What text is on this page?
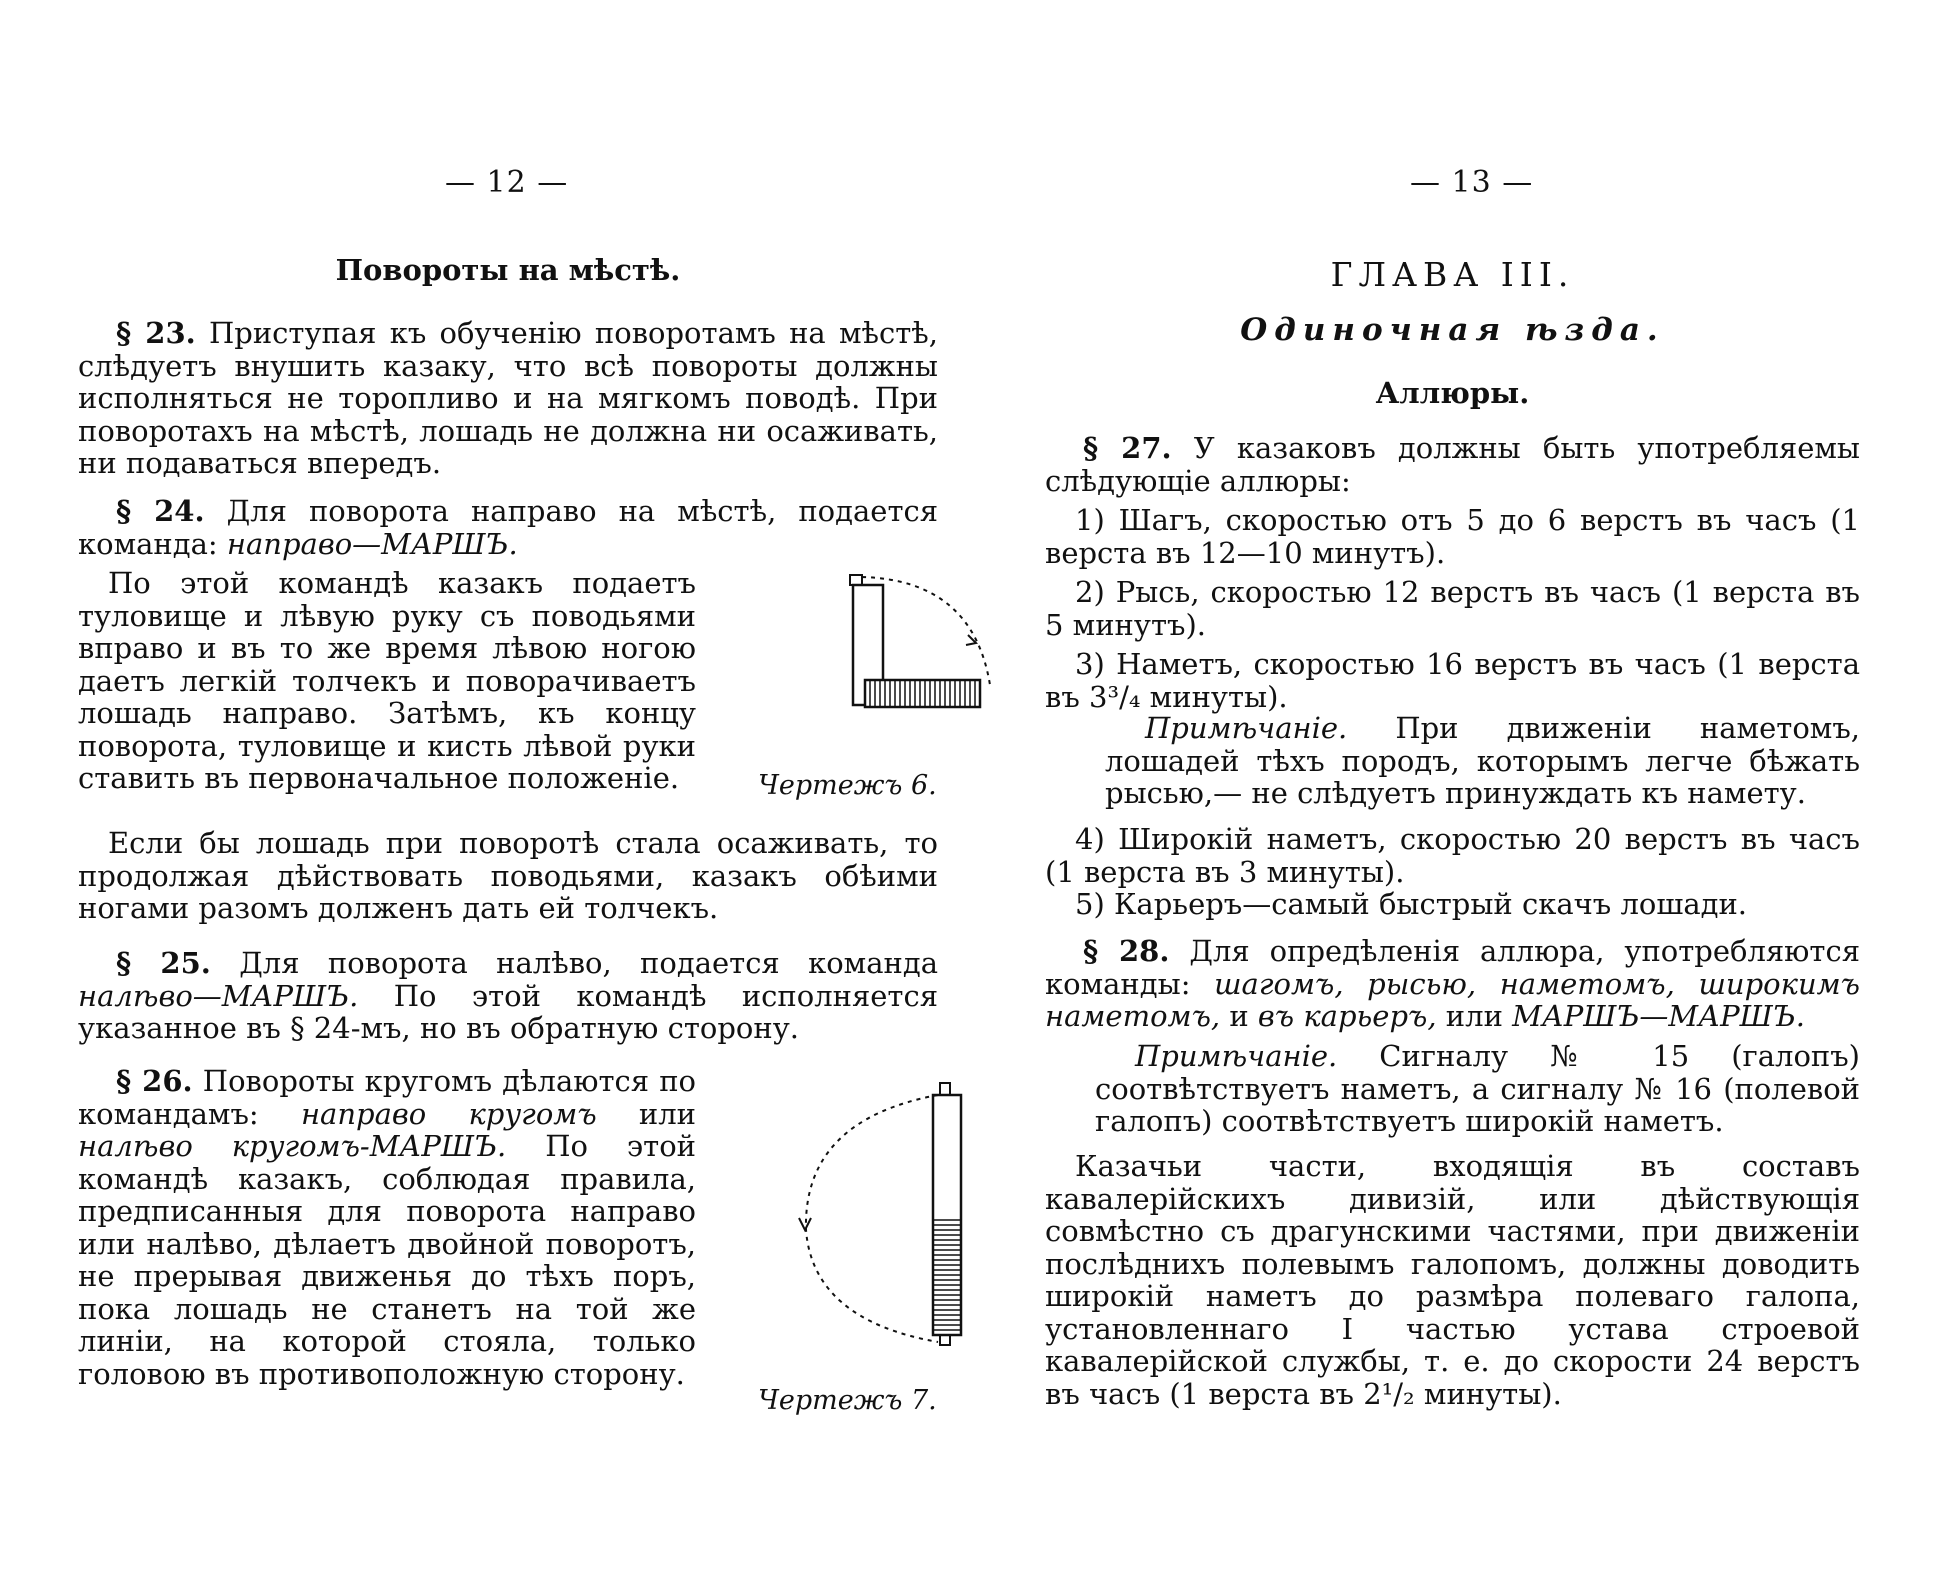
— 12 —
Повороты на мѣстѣ.
§ 23. Приступая къ обученію поворотамъ на мѣстѣ, слѣдуетъ внушить казаку, что всѣ повороты должны исполняться не торопливо и на мягкомъ поводѣ. При поворотахъ на мѣстѣ, лошадь не должна ни осаживать, ни подаваться впередъ.
§ 24. Для поворота направо на мѣстѣ, подается команда: направо—МАРШЪ.
По этой командѣ казакъ подаетъ туловище и лѣвую руку съ поводьями вправо и въ то же время лѣвою ногою даетъ легкій толчекъ и поворачиваетъ лошадь направо. Затѣмъ, къ концу поворота, туловище и кисть лѣвой руки ставить въ первоначальное положеніе.
Если бы лошадь при поворотѣ стала осаживать, то продолжая дѣйствовать поводьями, казакъ обѣими ногами разомъ долженъ дать ей толчекъ.
§ 25. Для поворота налѣво, подается команда налѣво—МАРШЪ. По этой командѣ исполняется указанное въ § 24-мъ, но въ обратную сторону.
§ 26. Повороты кругомъ дѣлаются по командамъ: направо кругомъ или налѣво кругомъ-МАРШЪ. По этой командѣ казакъ, соблюдая правила, предписанныя для поворота направо или налѣво, дѣлаетъ двойной поворотъ, не прерывая движенья до тѣхъ поръ, пока лошадь не станетъ на той же линіи, на которой стояла, только головою въ противоположную сторону.
Чертежъ 6.
Чертежъ 7.
— 13 —
ГЛАВА III.
Одиночная ѣзда.
Аллюры.
§ 27. У казаковъ должны быть употребляемы слѣдующіе аллюры:
1) Шагъ, скоростью отъ 5 до 6 верстъ въ часъ (1 верста въ 12—10 минутъ).
2) Рысь, скоростью 12 верстъ въ часъ (1 верста въ 5 минутъ).
3) Наметъ, скоростью 16 верстъ въ часъ (1 верста въ 3³/₄ минуты).
Примѣчаніе. При движеніи наметомъ, лошадей тѣхъ породъ, которымъ легче бѣжать рысью,— не слѣдуетъ принуждать къ намету.
4) Широкій наметъ, скоростью 20 верстъ въ часъ (1 верста въ 3 минуты).
5) Карьеръ—самый быстрый скачъ лошади.
§ 28. Для опредѣленія аллюра, употребляются команды: шагомъ, рысью, наметомъ, широкимъ наметомъ, и въ карьеръ, или МАРШЪ—МАРШЪ.
Примѣчаніе. Сигналу № 15 (галопъ) соотвѣтствуетъ наметъ, а сигналу № 16 (полевой галопъ) соотвѣтствуетъ широкій наметъ.
Казачьи части, входящія въ составъ кавалерійскихъ дивизій, или дѣйствующія совмѣстно съ драгунскими частями, при движеніи послѣднихъ полевымъ галопомъ, должны доводить широкій наметъ до размѣра полеваго галопа, установленнаго I частью устава строевой кавалерійской службы, т. е. до скорости 24 верстъ въ часъ (1 верста въ 2¹/₂ минуты).
